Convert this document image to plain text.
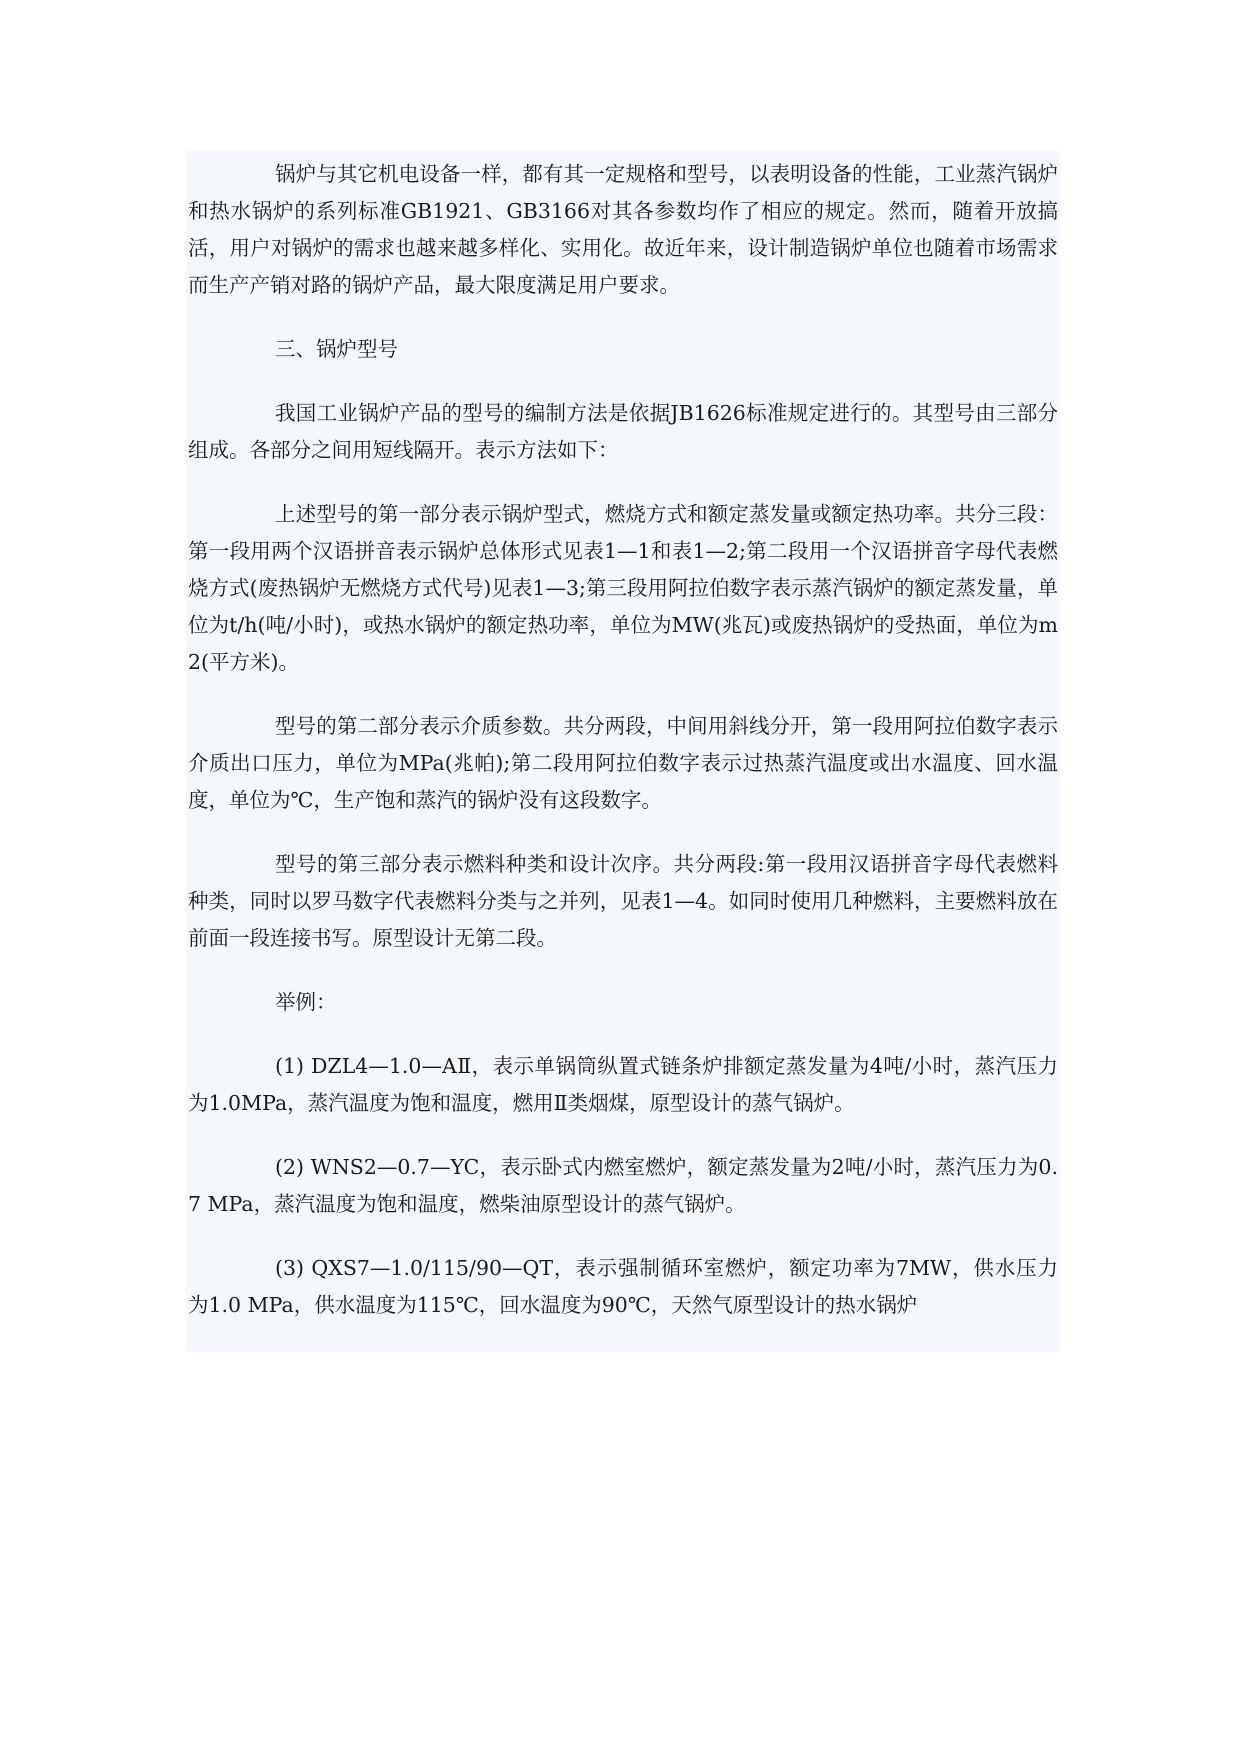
锅炉与其它机电设备一样，都有其一定规格和型号，以表明设备的性能，工业蒸汽锅炉和热水锅炉的系列标准GB1921、GB3166对其各参数均作了相应的规定。然而，随着开放搞活，用户对锅炉的需求也越来越多样化、实用化。故近年来，设计制造锅炉单位也随着市场需求而生产产销对路的锅炉产品，最大限度满足用户要求。

三、锅炉型号

我国工业锅炉产品的型号的编制方法是依据JB1626标准规定进行的。其型号由三部分组成。各部分之间用短线隔开。表示方法如下：

上述型号的第一部分表示锅炉型式，燃烧方式和额定蒸发量或额定热功率。共分三段：第一段用两个汉语拼音表示锅炉总体形式见表1—1和表1—2;第二段用一个汉语拼音字母代表燃烧方式(废热锅炉无燃烧方式代号)见表1—3;第三段用阿拉伯数字表示蒸汽锅炉的额定蒸发量，单位为t/h(吨/小时)，或热水锅炉的额定热功率，单位为MW(兆瓦)或废热锅炉的受热面，单位为m2(平方米)。

型号的第二部分表示介质参数。共分两段，中间用斜线分开，第一段用阿拉伯数字表示介质出口压力，单位为MPa(兆帕);第二段用阿拉伯数字表示过热蒸汽温度或出水温度、回水温度，单位为℃，生产饱和蒸汽的锅炉没有这段数字。

型号的第三部分表示燃料种类和设计次序。共分两段:第一段用汉语拼音字母代表燃料种类，同时以罗马数字代表燃料分类与之并列，见表1—4。如同时使用几种燃料，主要燃料放在前面一段连接书写。原型设计无第二段。

举例：

(1) DZL4—1.0—AⅡ，表示单锅筒纵置式链条炉排额定蒸发量为4吨/小时，蒸汽压力为1.0MPa，蒸汽温度为饱和温度，燃用Ⅱ类烟煤，原型设计的蒸气锅炉。

(2) WNS2—0.7—YC，表示卧式内燃室燃炉，额定蒸发量为2吨/小时，蒸汽压力为0.7 MPa，蒸汽温度为饱和温度，燃柴油原型设计的蒸气锅炉。

(3) QXS7—1.0/115/90—QT，表示强制循环室燃炉，额定功率为7MW，供水压力为1.0 MPa，供水温度为115℃，回水温度为90℃，天然气原型设计的热水锅炉
